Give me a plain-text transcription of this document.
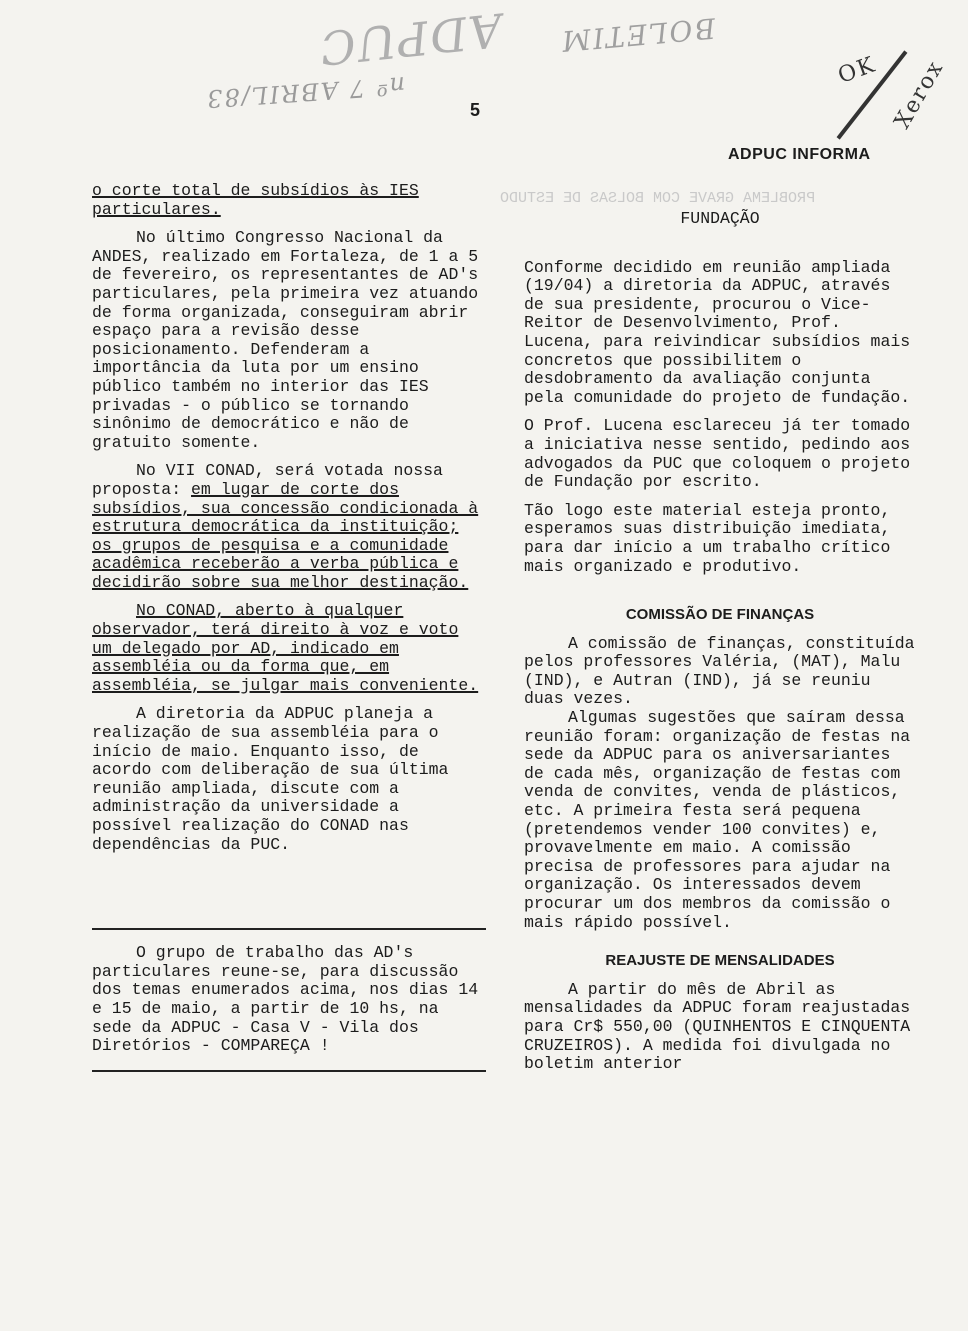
ADPUC BOLETIM
nº 7 ABRIL/83
OK Xerox
5
ADPUC INFORMA
PROBLEMA GRAVE COM BOLSAS DE ESTUDO

o corte total de subsídios às IES

particulares.

No último Congresso Nacional da ANDES, realizado em Fortaleza, de 1 a 5 de fevereiro, os representantes de AD's particulares, pela primeira vez atuando de forma organizada, conseguiram abrir espaço para a revisão desse posicionamento. Defenderam a importância da luta por um ensino público também no interior das IES privadas - o público se tornando sinônimo de democrático e não de gratuito somente.

No VII CONAD, será votada nossa proposta: em lugar de corte dos subsídios, sua concessão condicionada à estrutura democrática da instituição; os grupos de pesquisa e a comunidade acadêmica receberão a verba pública e decidirão sobre sua melhor destinação.

No CONAD, aberto à qualquer observador, terá direito à voz e voto um delegado por AD, indicado em assembléia ou da forma que, em assembléia, se julgar mais conveniente.

A diretoria da ADPUC planeja a realização de sua assembléia para o início de maio. Enquanto isso, de acordo com deliberação de sua última reunião ampliada, discute com a administração da universidade a possível realização do CONAD nas dependências da PUC.

O grupo de trabalho das AD's particulares reune-se, para discussão dos temas enumerados acima, nos dias 14 e 15 de maio, a partir de 10 hs, na sede da ADPUC - Casa V - Vila dos Diretórios - COMPAREÇA !

FUNDAÇÃO

Conforme decidido em reunião ampliada (19/04) a diretoria da ADPUC, através de sua presidente, procurou o Vice-Reitor de Desenvolvimento, Prof. Lucena, para reivindicar subsídios mais concretos que possibilitem o desdobramento da avaliação conjunta pela comunidade do projeto de fundação.

O Prof. Lucena esclareceu já ter tomado a iniciativa nesse sentido, pedindo aos advogados da PUC que coloquem o projeto de Fundação por escrito.

Tão logo este material esteja pronto, esperamos suas distribuição imediata, para dar início a um trabalho crítico mais organizado e produtivo.

COMISSÃO DE FINANÇAS

A comissão de finanças, constituída pelos professores Valéria, (MAT), Malu (IND), e Autran (IND), já se reuniu duas vezes.

Algumas sugestões que saíram dessa reunião foram: organização de festas na sede da ADPUC para os aniversariantes de cada mês, organização de festas com venda de convites, venda de plásticos, etc. A primeira festa será pequena (pretendemos vender 100 convites) e, provavelmente em maio. A comissão precisa de professores para ajudar na organização. Os interessados devem procurar um dos membros da comissão o mais rápido possível.

REAJUSTE DE MENSALIDADES

A partir do mês de Abril as mensalidades da ADPUC foram reajustadas para Cr$ 550,00 (QUINHENTOS E CINQUENTA CRUZEIROS). A medida foi divulgada no boletim anterior
